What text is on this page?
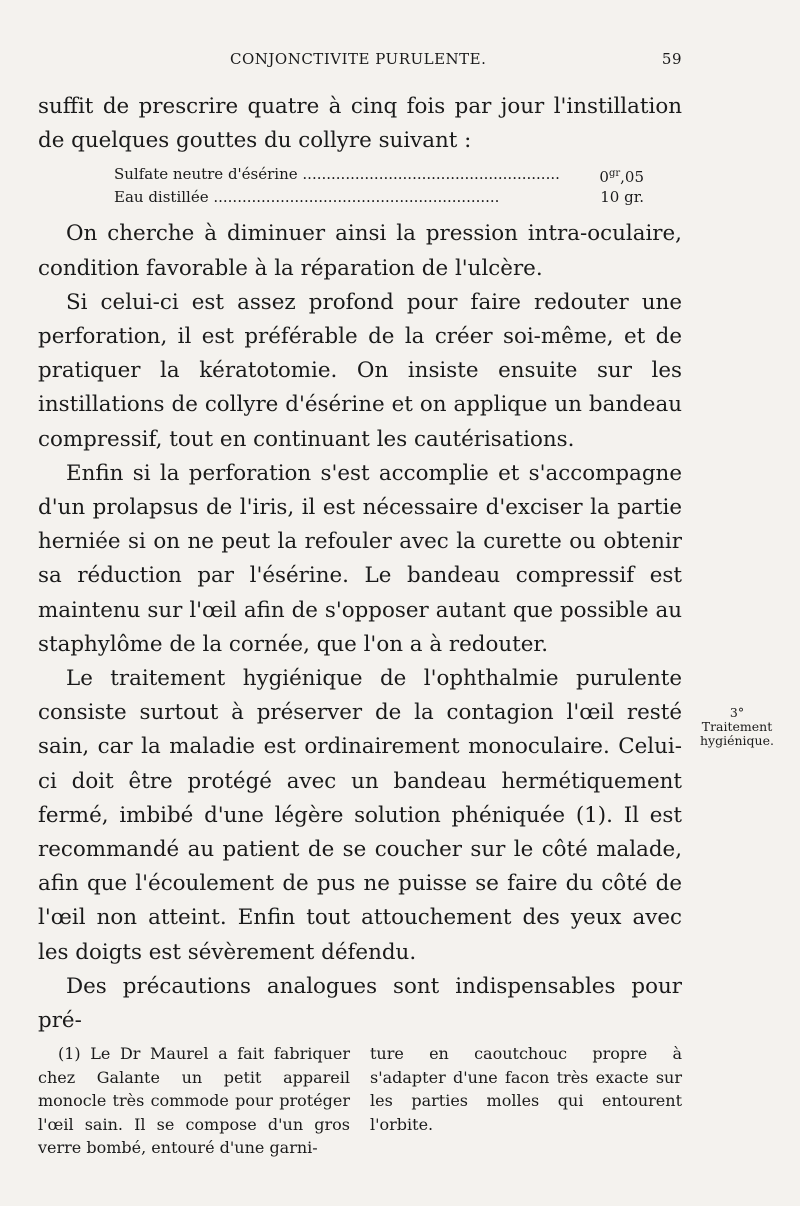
CONJONCTIVITE PURULENTE.	59

suffit de prescrire quatre à cinq fois par jour l'instillation de quelques gouttes du collyre suivant :

Sulfate neutre d'ésérine .....	$0^{gr},05$
Eau distillée .....	10 gr.

On cherche à diminuer ainsi la pression intra-oculaire, condition favorable à la réparation de l'ulcère.

Si celui-ci est assez profond pour faire redouter une perforation, il est préférable de la créer soi-même, et de pratiquer la kératotomie. On insiste ensuite sur les instillations de collyre d'ésérine et on applique un bandeau compressif, tout en continuant les cautérisations.

Enfin si la perforation s'est accomplie et s'accompagne d'un prolapsus de l'iris, il est nécessaire d'exciser la partie herniée si on ne peut la refouler avec la curette ou obtenir sa réduction par l'ésérine. Le bandeau compressif est maintenu sur l'œil afin de s'opposer autant que possible au staphylôme de la cornée, que l'on a à redouter.

Le traitement hygiénique de l'ophthalmie purulente consiste surtout à préserver de la contagion l'œil resté sain, car la maladie est ordinairement monoculaire. Celui-ci doit être protégé avec un bandeau hermétiquement fermé, imbibé d'une légère solution phéniquée (1). Il est recommandé au patient de se coucher sur le côté malade, afin que l'écoulement de pus ne puisse se faire du côté de l'œil non atteint. Enfin tout attouchement des yeux avec les doigts est sévèrement défendu.

Des précautions analogues sont indispensables pour pré-

3° Traitement hygiénique.

(1) Le Dr Maurel a fait fabriquer chez Galante un petit appareil monocle très commode pour protéger l'œil sain. Il se compose d'un gros verre bombé, entouré d'une garni-

ture en caoutchouc propre à s'adapter d'une facon très exacte sur les parties molles qui entourent l'orbite.
